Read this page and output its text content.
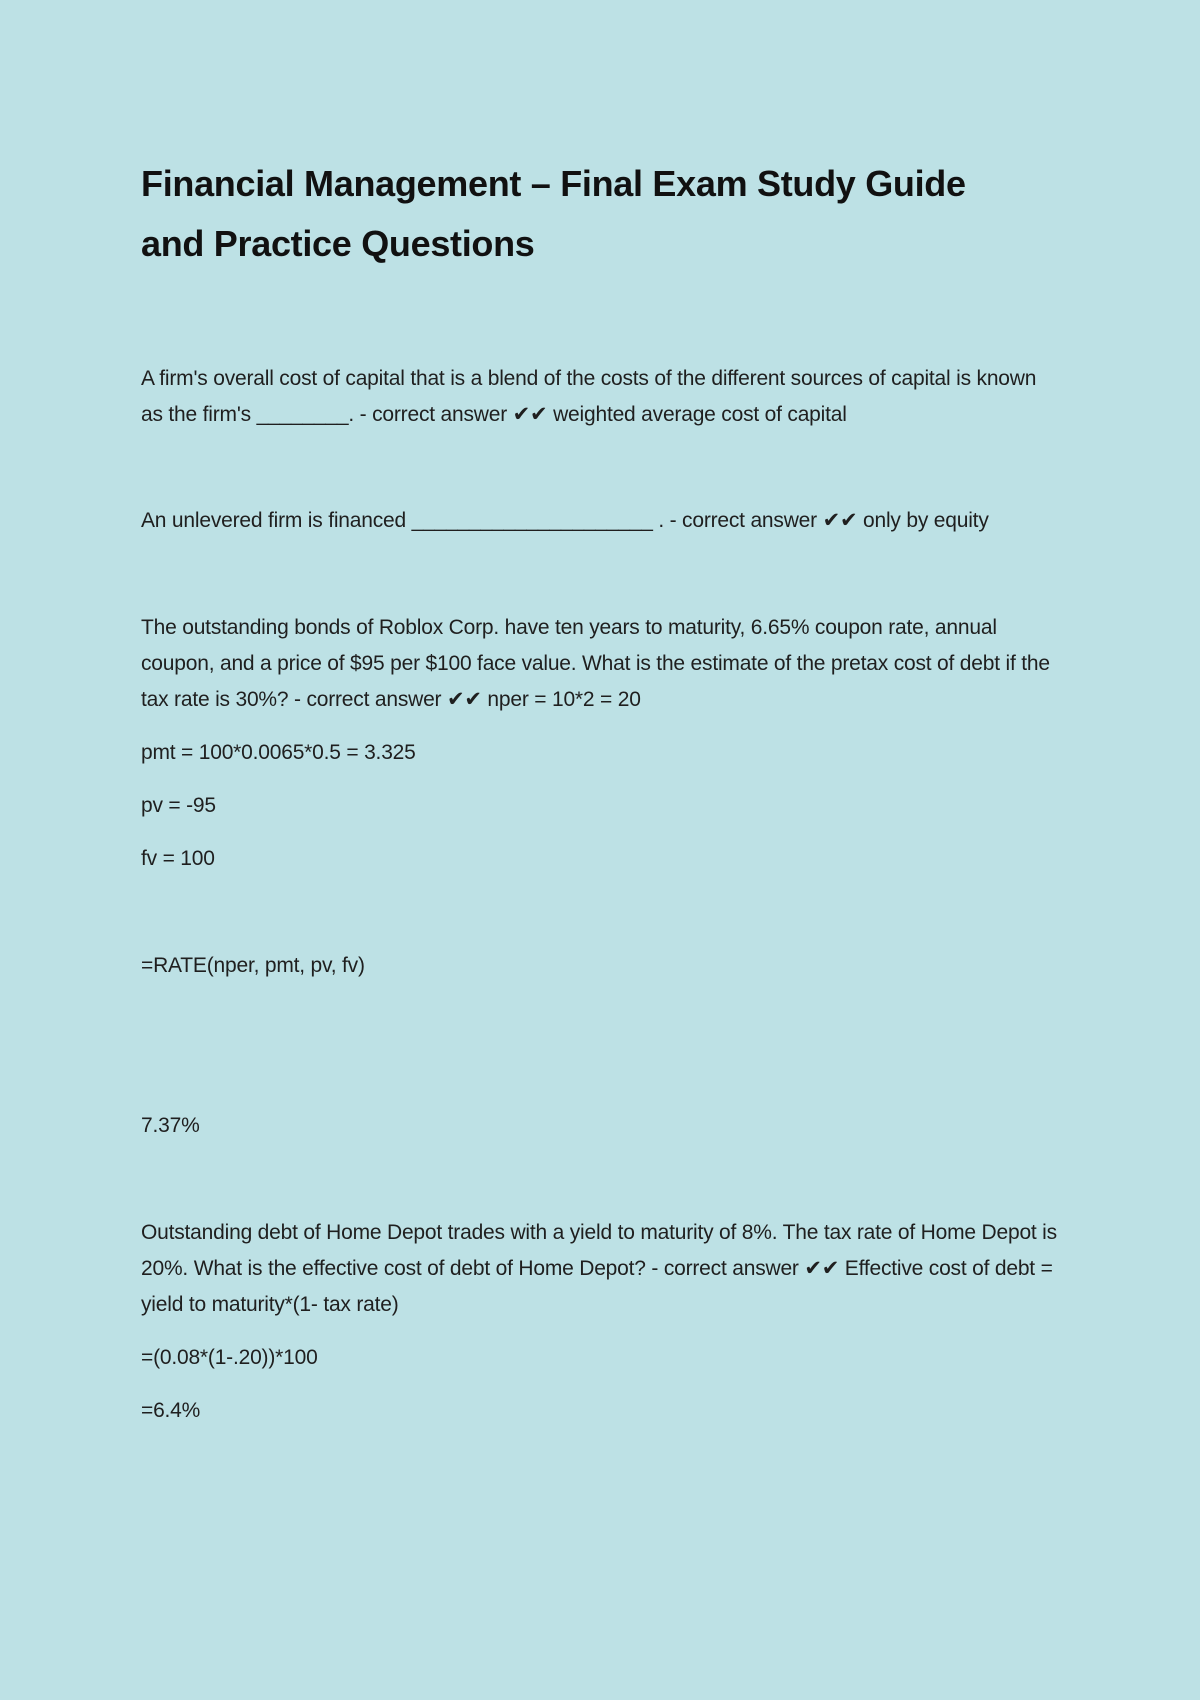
Financial Management – Final Exam Study Guide and Practice Questions

A firm's overall cost of capital that is a blend of the costs of the different sources of capital is known as the firm's ________. - correct answer ✔✔ weighted average cost of capital

An unlevered firm is financed _____________________ . - correct answer ✔✔ only by equity

The outstanding bonds of Roblox Corp. have ten years to maturity, 6.65% coupon rate, annual coupon, and a price of $95 per $100 face value. What is the estimate of the pretax cost of debt if the tax rate is 30%? - correct answer ✔✔ nper = 10*2 = 20

pmt = 100*0.0065*0.5 = 3.325

pv = -95

fv = 100

=RATE(nper, pmt, pv, fv)

7.37%

Outstanding debt of Home Depot trades with a yield to maturity of 8%. The tax rate of Home Depot is 20%. What is the effective cost of debt of Home Depot? - correct answer ✔✔ Effective cost of debt = yield to maturity*(1- tax rate)

=(0.08*(1-.20))*100

=6.4%
